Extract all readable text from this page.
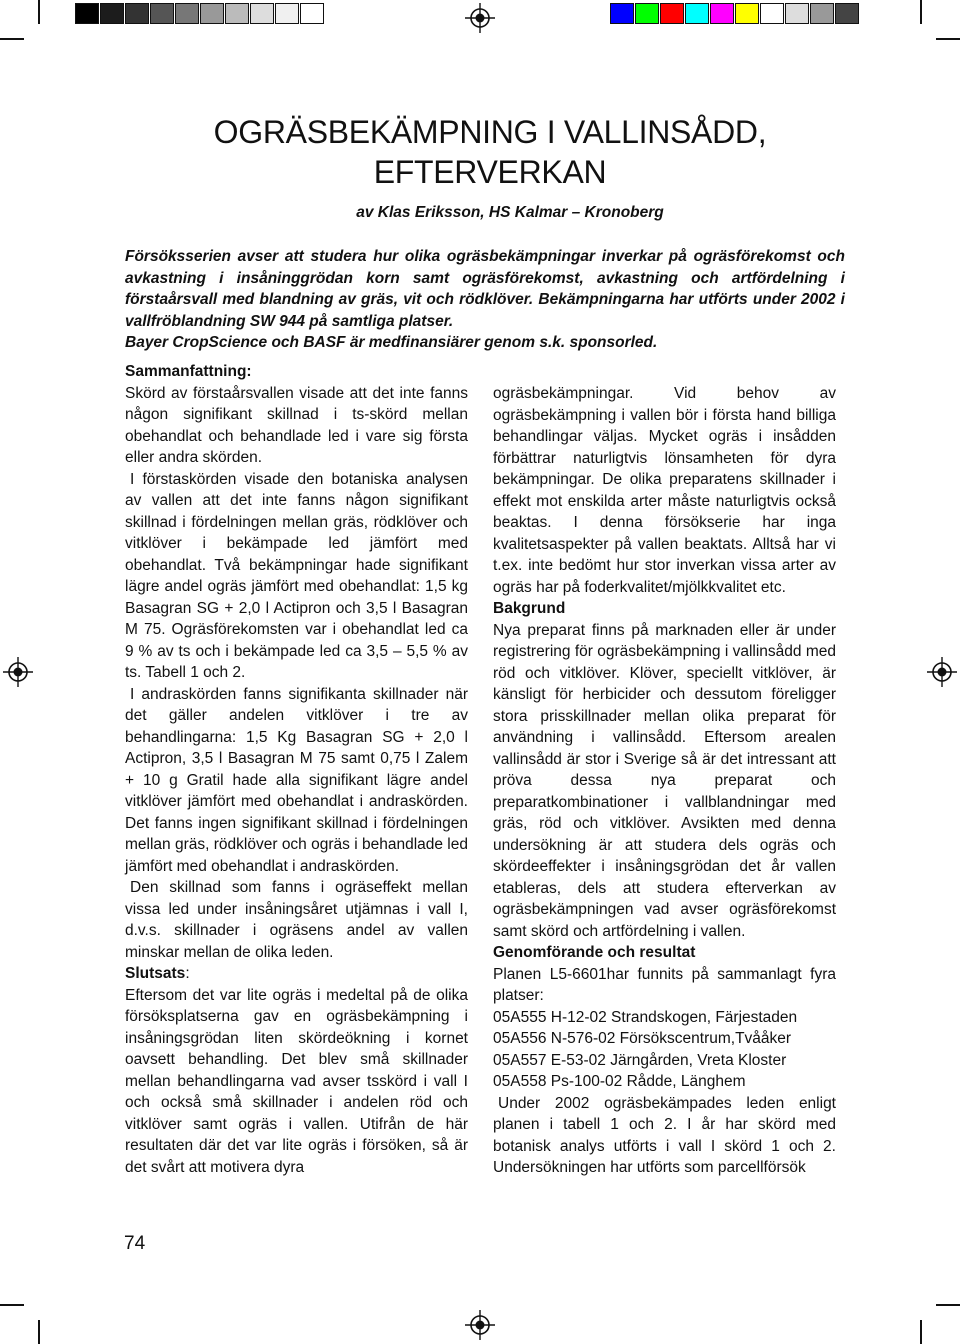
OGRÄSBEKÄMPNING I VALLINSÅDD,
EFTERVERKAN
av Klas Eriksson, HS Kalmar – Kronoberg

Försöksserien avser att studera hur olika ogräsbekämpningar inverkar på ogräsförekomst och avkastning i insåninggrödan korn samt ogräsförekomst, avkastning och artfördelning i förstaårsvall med blandning av gräs, vit och rödklöver. Bekämpningarna har utförts under 2002 i vallfröblandning SW 944 på samtliga platser.

Bayer CropScience och BASF är medfinansiärer genom s.k. sponsorled.

Sammanfattning:

Skörd av förstaårsvallen visade att det inte fanns någon signifikant skillnad i ts-skörd mellan obehandlat och behandlade led i vare sig första eller andra skörden.

I förstaskörden visade den botaniska analysen av vallen att det inte fanns någon signifikant skillnad i fördelningen mellan gräs, rödklöver och vitklöver i bekämpade led jämfört med obehandlat. Två bekämpningar hade signifikant lägre andel ogräs jämfört med obehandlat: 1,5 kg Basagran SG + 2,0 l Actipron och 3,5 l Basagran M 75. Ogräsförekomsten var i obehandlat led ca 9 % av ts och i bekämpade led ca 3,5 – 5,5 % av ts. Tabell 1 och 2.

I andraskörden fanns signifikanta skillnader när det gäller andelen vitklöver i tre av behandlingarna: 1,5 Kg Basagran SG + 2,0 l Actipron, 3,5 l Basagran M 75 samt 0,75 l Zalem + 10 g Gratil hade alla signifikant lägre andel vitklöver jämfört med obehandlat i andraskörden. Det fanns ingen signifikant skillnad i fördelningen mellan gräs, rödklöver och ogräs i behandlade led jämfört med obehandlat i andraskörden.

Den skillnad som fanns i ogräseffekt mellan vissa led under insåningsåret utjämnas i vall I, d.v.s. skillnader i ogräsens andel av vallen minskar mellan de olika leden.

Slutsats:

Eftersom det var lite ogräs i medeltal på de olika försöksplatserna gav en ogräsbekämpning i insåningsgrödan liten skördeökning i kornet oavsett behandling. Det blev små skillnader mellan behandlingarna vad avser tsskörd i vall I och också små skillnader i andelen röd och vitklöver samt ogräs i vallen. Utifrån de här resultaten där det var lite ogräs i försöken, så är det svårt att motivera dyra

ogräsbekämpningar. Vid behov av ogräsbekämpning i vallen bör i första hand billiga behandlingar väljas. Mycket ogräs i insådden förbättrar naturligtvis lönsamheten för dyra bekämpningar. De olika preparatens skillnader i effekt mot enskilda arter måste naturligtvis också beaktas. I denna försökserie har inga kvalitetsaspekter på vallen beaktats. Alltså har vi t.ex. inte bedömt hur stor inverkan vissa arter av ogräs har på foderkvalitet/mjölkkvalitet etc.

Bakgrund

Nya preparat finns på marknaden eller är under registrering för ogräsbekämpning i vallinsådd med röd och vitklöver. Klöver, speciellt vitklöver, är känsligt för herbicider och dessutom föreligger stora prisskillnader mellan olika preparat för användning i vallinsådd. Eftersom arealen vallinsådd är stor i Sverige så är det intressant att pröva dessa nya preparat och preparatkombinationer i vallblandningar med gräs, röd och vitklöver. Avsikten med denna undersökning är att studera dels ogräs och skördeeffekter i insåningsgrödan det år vallen etableras, dels att studera efterverkan av ogräsbekämpningen vad avser ogräsförekomst samt skörd och artfördelning i vallen.

Genomförande och resultat

Planen L5-6601har funnits på sammanlagt fyra platser:

05A555 H-12-02 Strandskogen, Färjestaden

05A556 N-576-02 Försökscentrum,Tvååker

05A557 E-53-02 Järngården, Vreta Kloster

05A558 Ps-100-02 Rådde, Länghem

Under 2002 ogräsbekämpades leden enligt planen i tabell 1 och 2. I år har skörd med botanisk analys utförts i vall I skörd 1 och 2. Undersökningen har utförts som parcellförsök

74
